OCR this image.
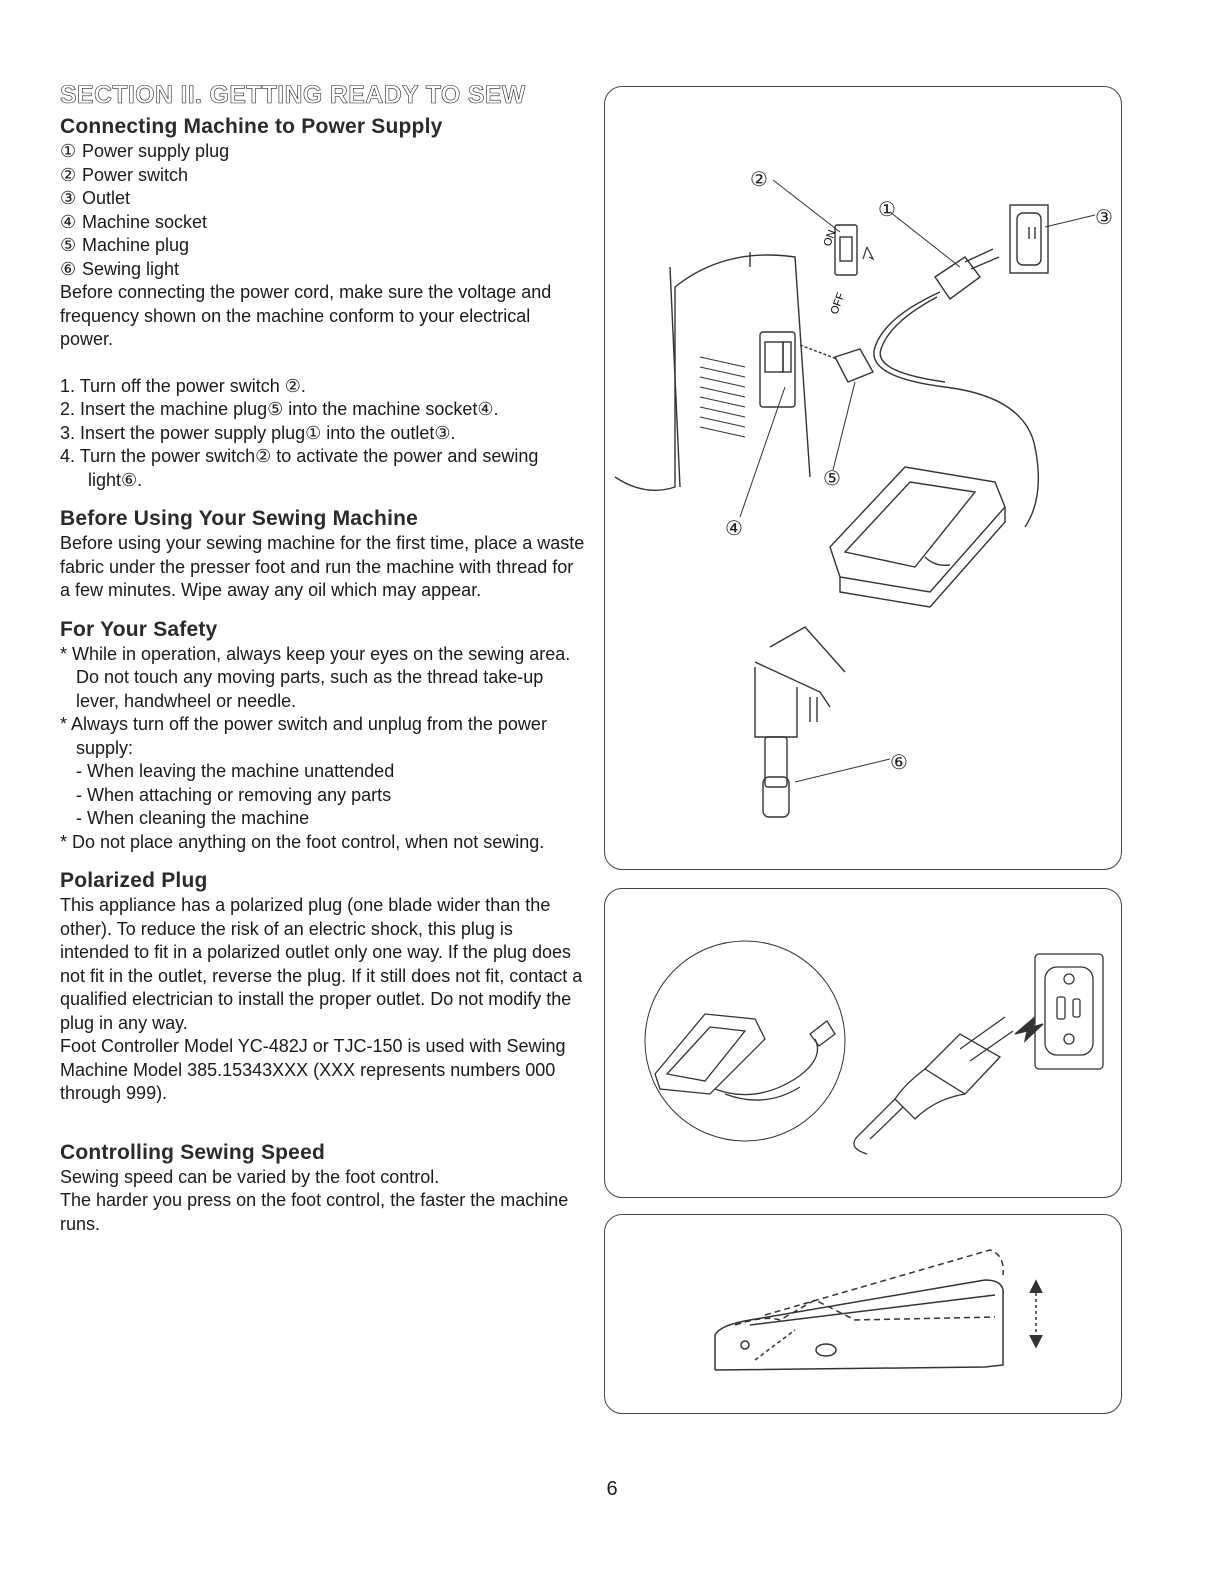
SECTION II. GETTING READY TO SEW
Connecting Machine to Power Supply
① Power supply plug
② Power switch
③ Outlet
④ Machine socket
⑤ Machine plug
⑥ Sewing light

Before connecting the power cord, make sure the voltage and frequency shown on the machine conform to your electrical power.

1. Turn off the power switch ②.
2. Insert the machine plug⑤ into the machine socket④.
3. Insert the power supply plug① into the outlet③.
4. Turn the power switch② to activate the power and sewing light⑥.
Before Using Your Sewing Machine

Before using your sewing machine for the first time, place a waste fabric under the presser foot and run the machine with thread for a few minutes. Wipe away any oil which may appear.

For Your Safety
* While in operation, always keep your eyes on the sewing area. Do not touch any moving parts, such as the thread take-up lever, handwheel or needle.
* Always turn off the power switch and unplug from the power supply:
- When leaving the machine unattended
- When attaching or removing any parts
- When cleaning the machine
* Do not place anything on the foot control, when not sewing.
Polarized Plug

This appliance has a polarized plug (one blade wider than the other). To reduce the risk of an electric shock, this plug is intended to fit in a polarized outlet only one way. If the plug does not fit in the outlet, reverse the plug. If it still does not fit, contact a qualified electrician to install the proper outlet. Do not modify the plug in any way.

Foot Controller Model YC-482J or TJC-150 is used with Sewing Machine Model 385.15343XXX (XXX represents numbers 000 through 999).

Controlling Sewing Speed

Sewing speed can be varied by the foot control.

The harder you press on the foot control, the faster the machine runs.

ON
OFF
①
②
③
④
⑤
⑥
6
